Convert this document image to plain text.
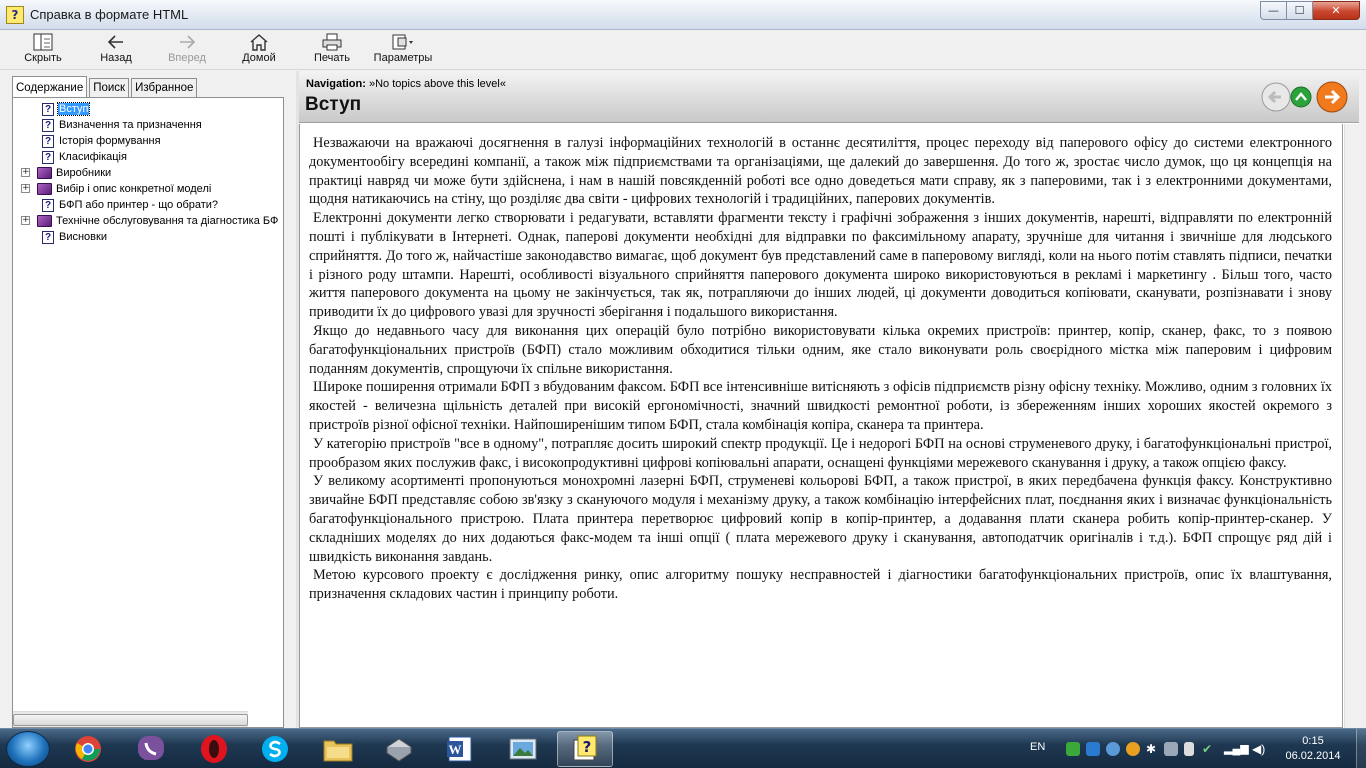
? Справка в формате HTML	—	☐	✕
Скрыть	Назад	Вперед	Домой	Печать Параметры
Содержание Поиск Избранное
? Вступ
? Визначення та призначення
? Історія формування
? Класифікація
+ Виробники
+ Вибір і опис конкретної моделі
? БФП або принтер - що обрати?
+ Технічне обслуговування та діагностика БФ
? Висновки
Navigation: »No topics above this level«
Вступ

Незважаючи на вражаючі досягнення в галузі інформаційних технологій в останнє десятиліття, процес переходу від паперового офісу до системи електронного документообігу всередині компанії, а також між підприємствами та організаціями, ще далекий до завершення. До того ж, зростає число думок, що ця концепція на практиці навряд чи може бути здійснена, і нам в нашій повсякденній роботі все одно доведеться мати справу, як з паперовими, так і з електронними документами, щодня натикаючись на стіну, що розділяє два світи - цифрових технологій і традиційних, паперових документів.

Електронні документи легко створювати і редагувати, вставляти фрагменти тексту і графічні зображення з інших документів, нарешті, відправляти по електронній пошті і публікувати в Інтернеті. Однак, паперові документи необхідні для відправки по факсимільному апарату, зручніше для читання і звичніше для людського сприйняття. До того ж, найчастіше законодавство вимагає, щоб документ був представлений саме в паперовому вигляді, коли на нього потім ставлять підписи, печатки і різного роду штампи. Нарешті, особливості візуального сприйняття паперового документа широко використовуються в рекламі і маркетингу . Більш того, часто життя паперового документа на цьому не закінчується, так як, потрапляючи до інших людей, ці документи доводиться копіювати, сканувати, розпізнавати і знову приводити їх до цифрового увазі для зручності зберігання і подальшого використання.

Якщо до недавнього часу для виконання цих операцій було потрібно використовувати кілька окремих пристроїв: принтер, копір, сканер, факс, то з появою багатофункціональних пристроїв (БФП) стало можливим обходитися тільки одним, яке стало виконувати роль своєрідного містка між паперовим і цифровим поданням документів, спрощуючи їх спільне використання.

Широке поширення отримали БФП з вбудованим факсом. БФП все інтенсивніше витісняють з офісів підприємств різну офісну техніку. Можливо, одним з головних їх якостей - величезна щільність деталей при високій ергономічності, значний швидкості ремонтної роботи, із збереженням інших хороших якостей окремого з пристроїв різної офісної техніки. Найпоширенішим типом БФП, стала комбінація копіра, сканера та принтера.

У категорію пристроїв "все в одному", потрапляє досить широкий спектр продукції. Це і недорогі БФП на основі струменевого друку, і багатофункціональні пристрої, прообразом яких послужив факс, і високопродуктивні цифрові копіювальні апарати, оснащені функціями мережевого сканування і друку, а також опцією факсу.

У великому асортименті пропонуються монохромні лазерні БФП, струменеві кольорові БФП, а також пристрої, в яких передбачена функція факсу. Конструктивно звичайне БФП представляє собою зв'язку з скануючого модуля і механізму друку, а також комбінацію інтерфейсних плат, поєднання яких і визначає функціональність багатофункціонального пристрою. Плата принтера перетворює цифровий копір в копір-принтер, а додавання плати сканера робить копір-принтер-сканер. У складніших моделях до них додаються факс-модем та інші опції ( плата мережевого друку і сканування, автоподатчик оригіналів і т.д.). БФП спрощує ряд дій і швидкість виконання завдань.

Метою курсового проекту є дослідження ринку, опис алгоритму пошуку несправностей і діагностики багатофункціональних пристроїв, опис їх влаштування, призначення складових частин і принципу роботи.

W	?	EN	✱	✔	▂▄▆ ◀)
0:15
06.02.2014
